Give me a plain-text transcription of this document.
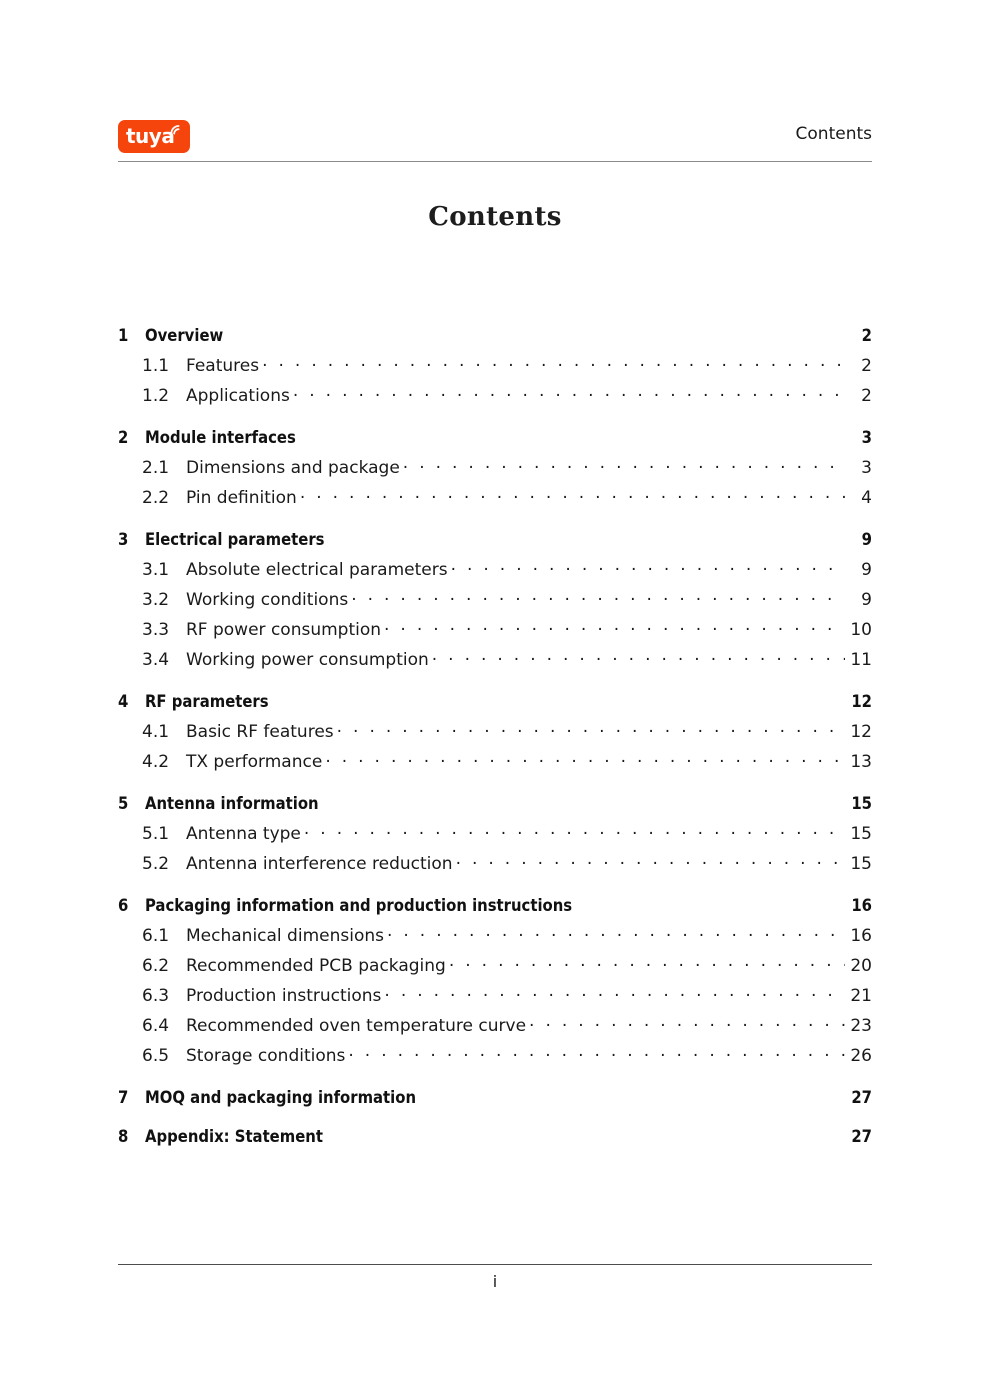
tuya	Contents
Contents
1	Overview	2
1.1 Features . . .	2
1.2 Applications . . .	2
2	Module interfaces	3
2.1 Dimensions and package . . .	3
2.2 Pin definition . . .	4
3	Electrical parameters	9
3.1 Absolute electrical parameters . . .	9
3.2 Working conditions . . .	9
3.3 RF power consumption . . .	10
3.4 Working power consumption . . .	11
4	RF parameters	12
4.1 Basic RF features . . .	12
4.2 TX performance . . .	13
5	Antenna information	15
5.1 Antenna type . . .	15
5.2 Antenna interference reduction . . .	15
6	Packaging information and production instructions	16
6.1 Mechanical dimensions . . .	16
6.2 Recommended PCB packaging . . .	20
6.3 Production instructions . . .	21
6.4 Recommended oven temperature curve . . .	23
6.5 Storage conditions . . .	26
7	MOQ and packaging information	27
8	Appendix: Statement	27
i
